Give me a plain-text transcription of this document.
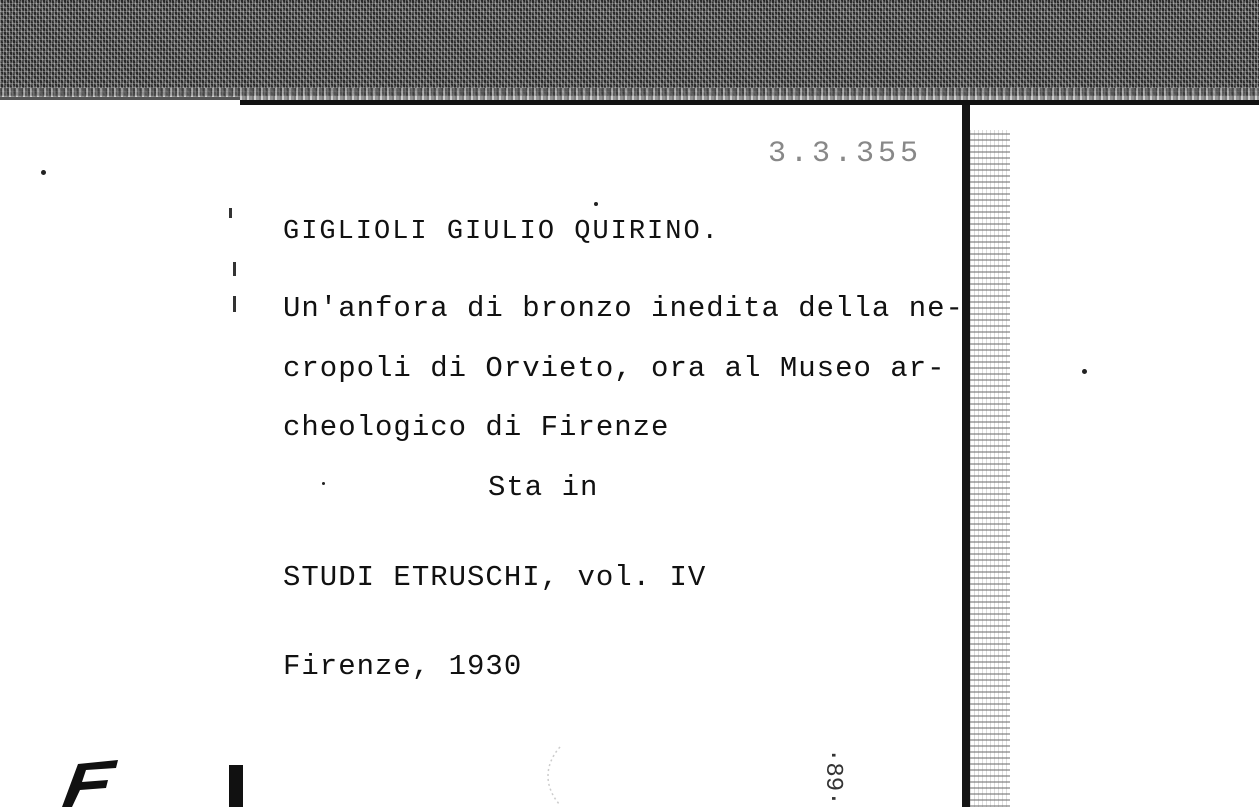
3.3.355
GIGLIOLI GIULIO QUIRINO.
Un'anfora di bronzo inedita della ne-
cropoli di Orvieto, ora al Museo ar-
cheologico di Firenze
Sta in
STUDI ETRUSCHI, vol. IV
Firenze, 1930
·89·
